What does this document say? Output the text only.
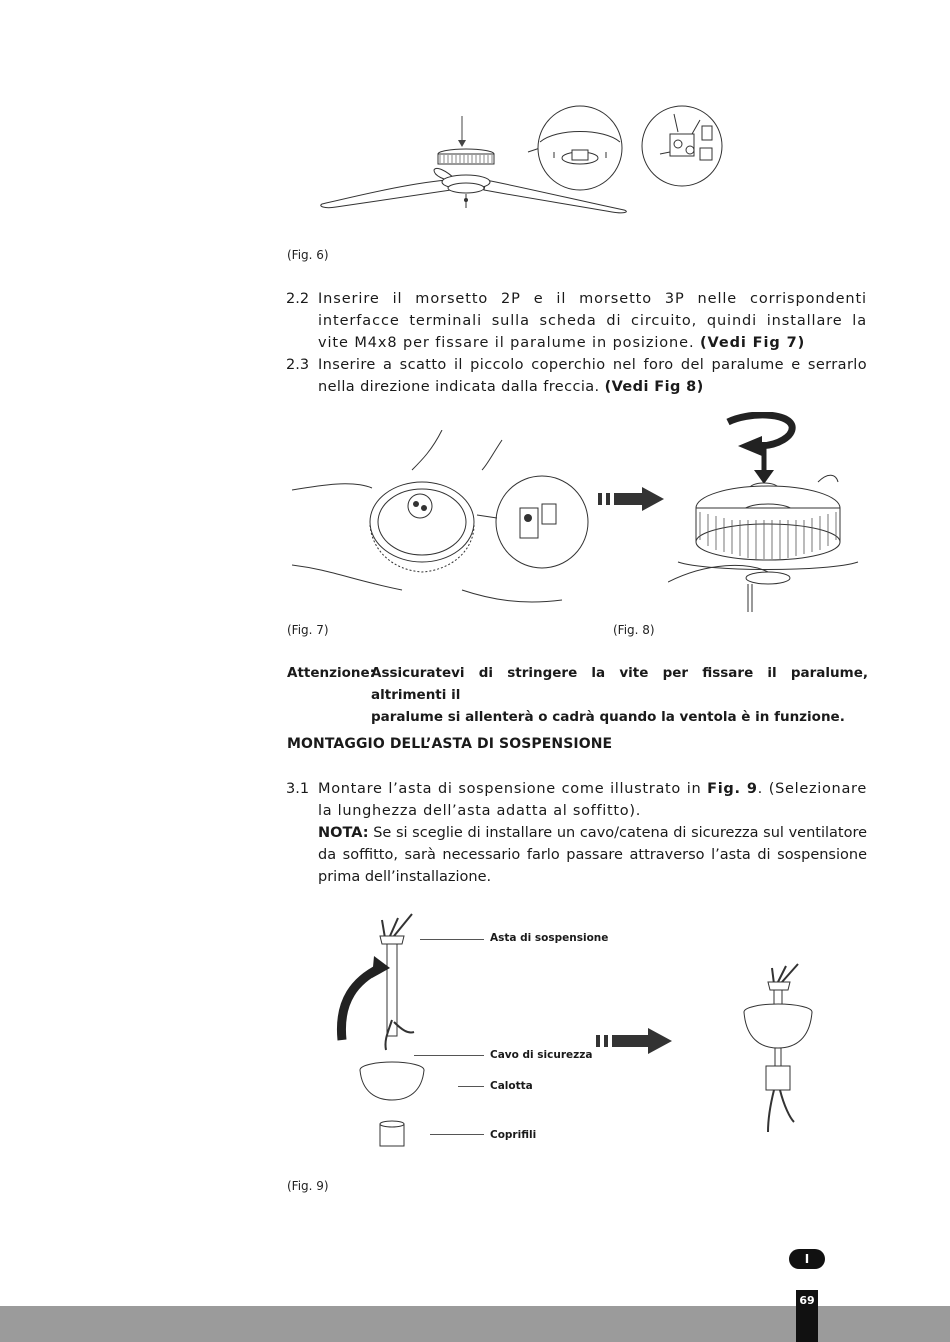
(Fig. 6)
2.2 Inserire il morsetto 2P e il morsetto 3P nelle corrispondenti interfacce terminali sulla scheda di circuito, quindi installare la vite M4x8 per fissare il paralume in posizione. (Vedi Fig 7)
2.3 Inserire a scatto il piccolo coperchio nel foro del paralume e serrarlo nella direzione indicata dalla freccia. (Vedi Fig 8)
(Fig. 7)	(Fig. 8)
Attenzione:
Assicuratevi di stringere la vite per fissare il paralume, altrimenti il
paralume si allenterà o cadrà quando la ventola è in funzione.
MONTAGGIO DELL’ASTA DI SOSPENSIONE
3.1 Montare l’asta di sospensione come illustrato in Fig. 9. (Selezionare la lunghezza dell’asta adatta al soffitto).
NOTA: Se si sceglie di installare un cavo/catena di sicurezza sul ventilatore da soffitto, sarà necessario farlo passare attraverso l’asta di sospensione prima dell’installazione.
Asta di sospensione
Cavo di sicurezza
Calotta
Coprifili
(Fig. 9)
I
69
